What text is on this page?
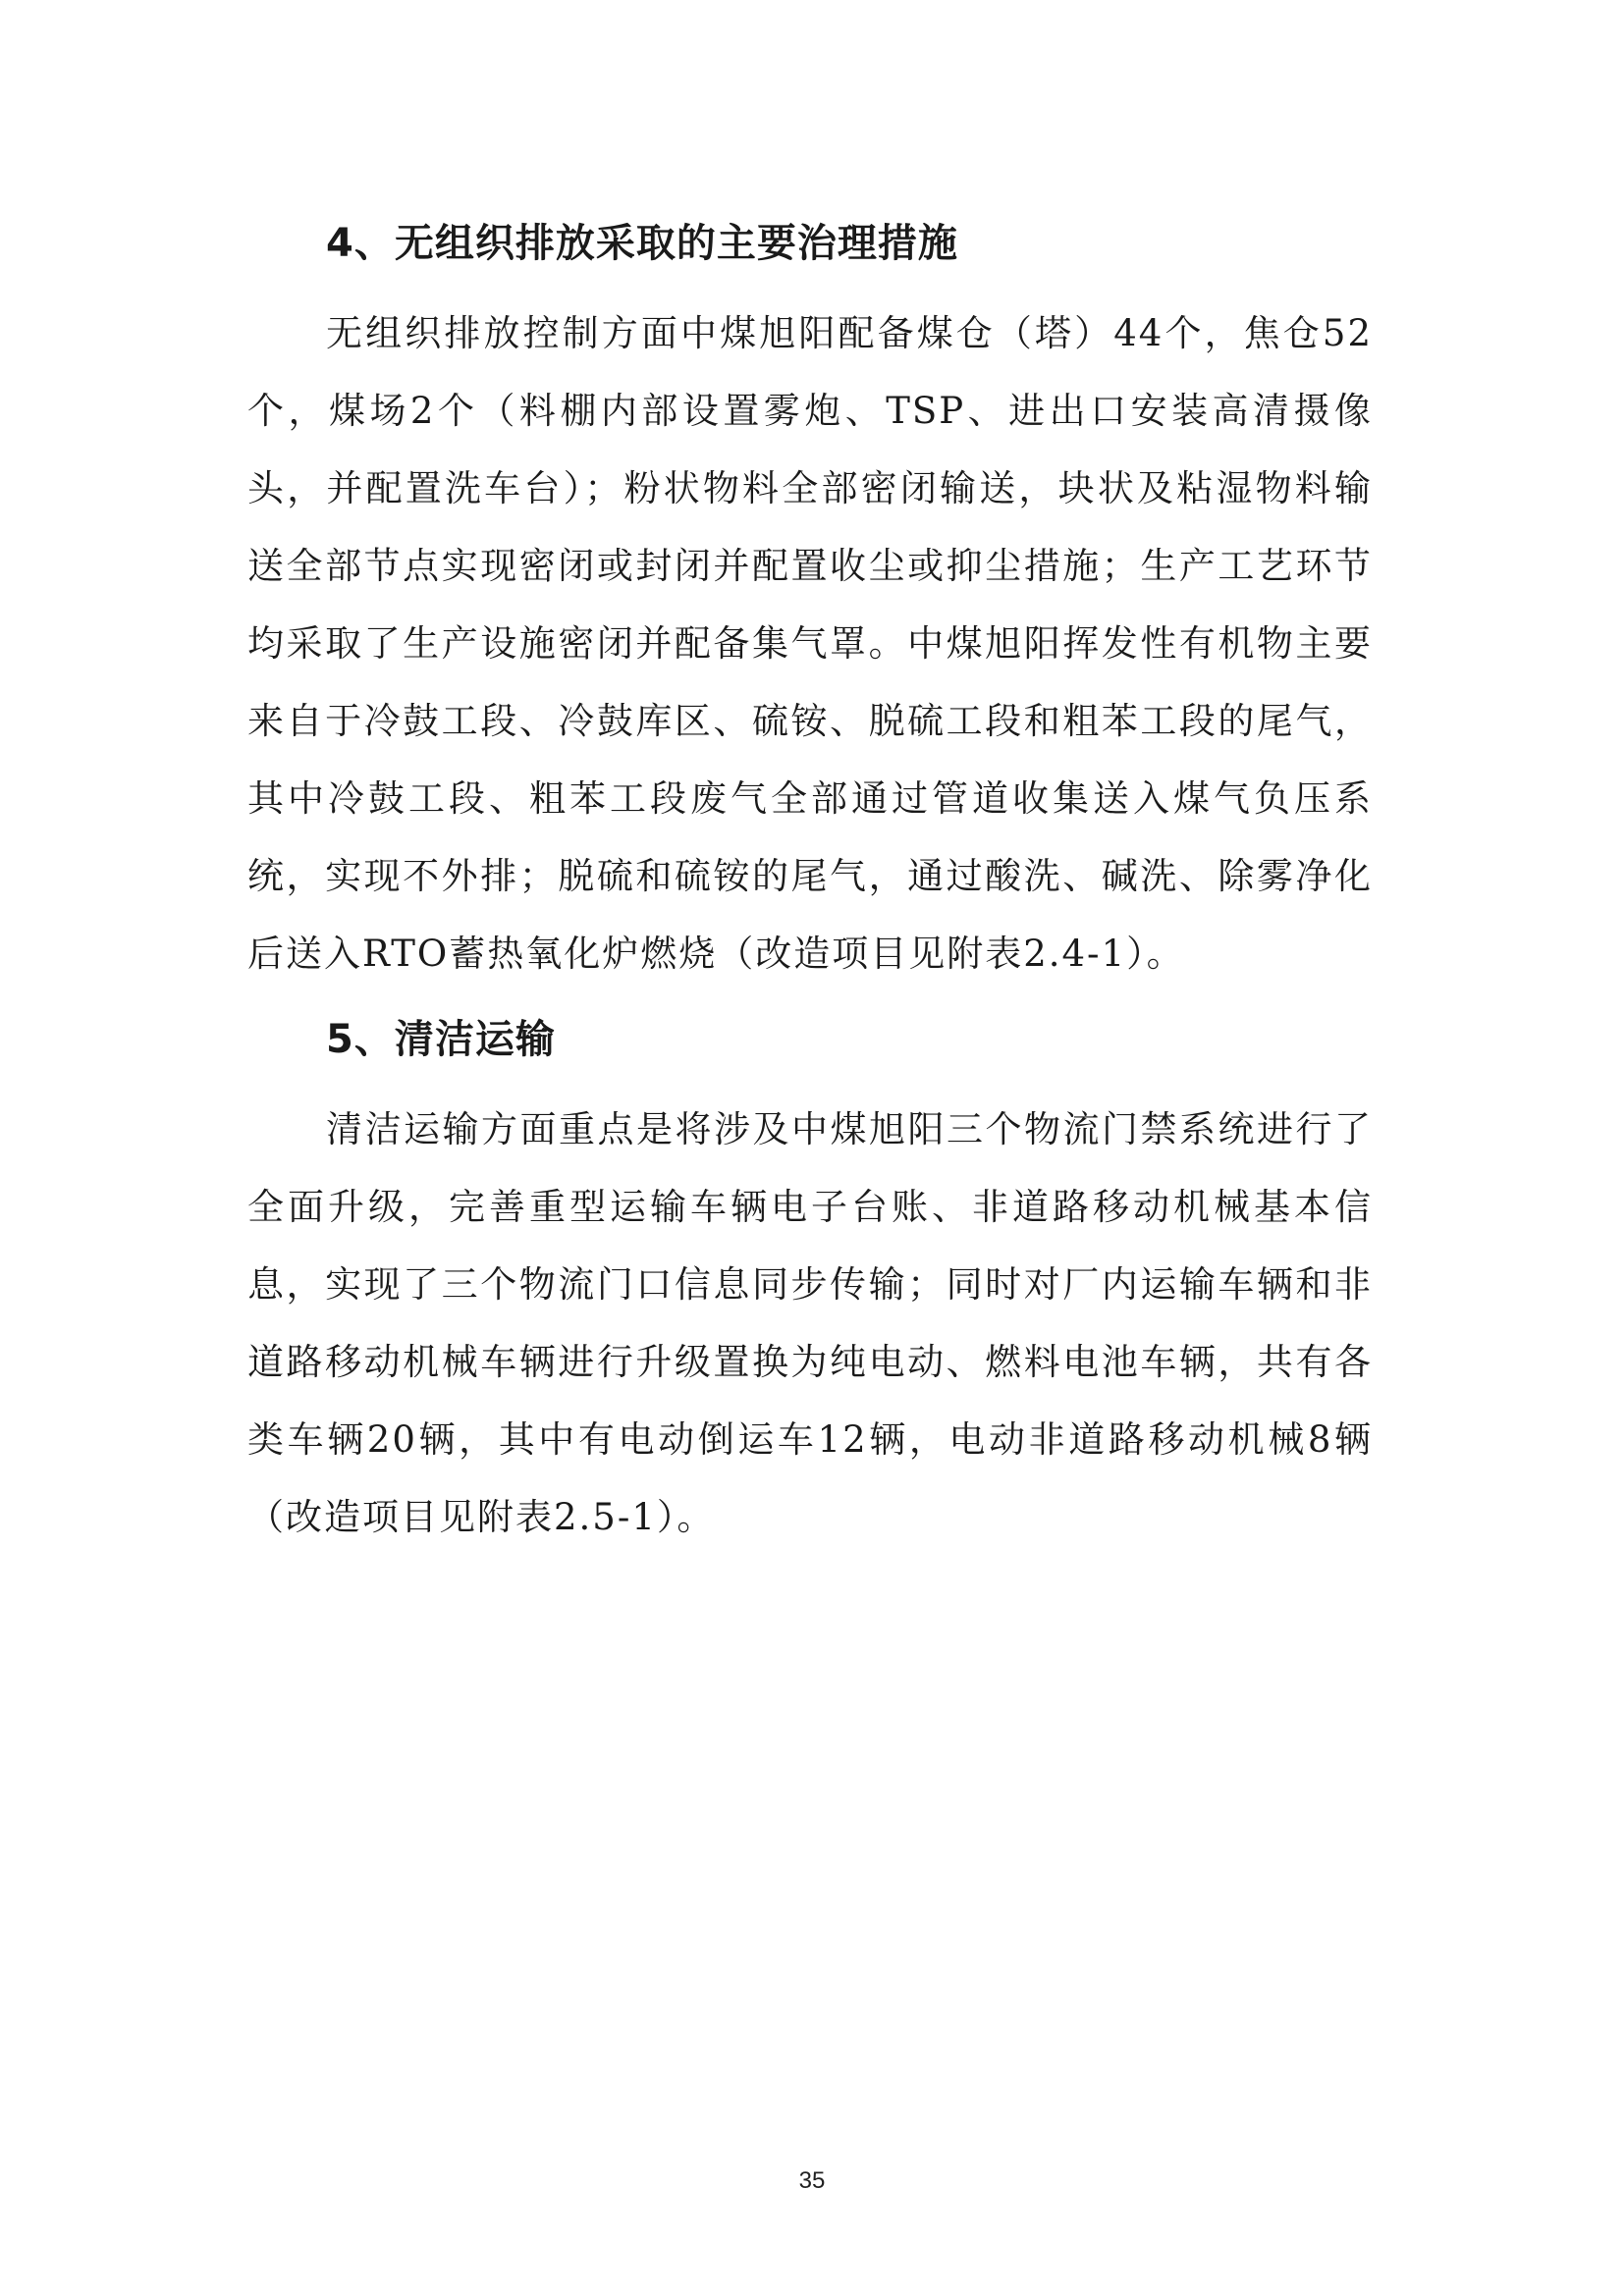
4、无组织排放采取的主要治理措施

无组织排放控制方面中煤旭阳配备煤仓（塔）44个，焦仓52个，煤场2个（料棚内部设置雾炮、TSP、进出口安装高清摄像头，并配置洗车台）；粉状物料全部密闭输送，块状及粘湿物料输送全部节点实现密闭或封闭并配置收尘或抑尘措施；生产工艺环节均采取了生产设施密闭并配备集气罩。中煤旭阳挥发性有机物主要来自于冷鼓工段、冷鼓库区、硫铵、脱硫工段和粗苯工段的尾气，其中冷鼓工段、粗苯工段废气全部通过管道收集送入煤气负压系统，实现不外排；脱硫和硫铵的尾气，通过酸洗、碱洗、除雾净化后送入RTO蓄热氧化炉燃烧（改造项目见附表2.4-1）。

5、清洁运输

清洁运输方面重点是将涉及中煤旭阳三个物流门禁系统进行了全面升级，完善重型运输车辆电子台账、非道路移动机械基本信息，实现了三个物流门口信息同步传输；同时对厂内运输车辆和非道路移动机械车辆进行升级置换为纯电动、燃料电池车辆，共有各类车辆20辆，其中有电动倒运车12辆，电动非道路移动机械8辆（改造项目见附表2.5-1）。

35
